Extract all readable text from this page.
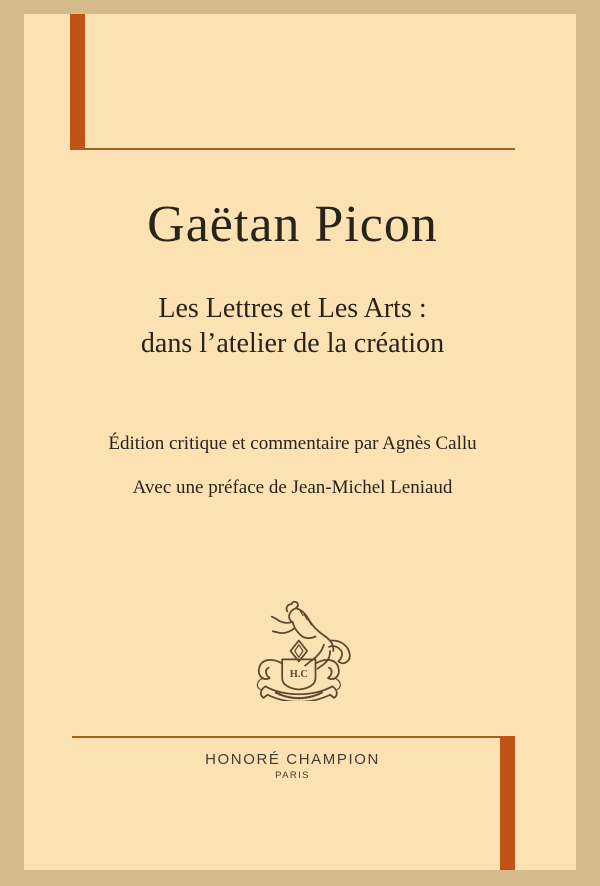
Gaëtan Picon
Les Lettres et Les Arts :
dans l’atelier de la création

Édition critique et commentaire par Agnès Callu

Avec une préface de Jean-Michel Leniaud

H.C
HONORÉ CHAMPION
PARIS
